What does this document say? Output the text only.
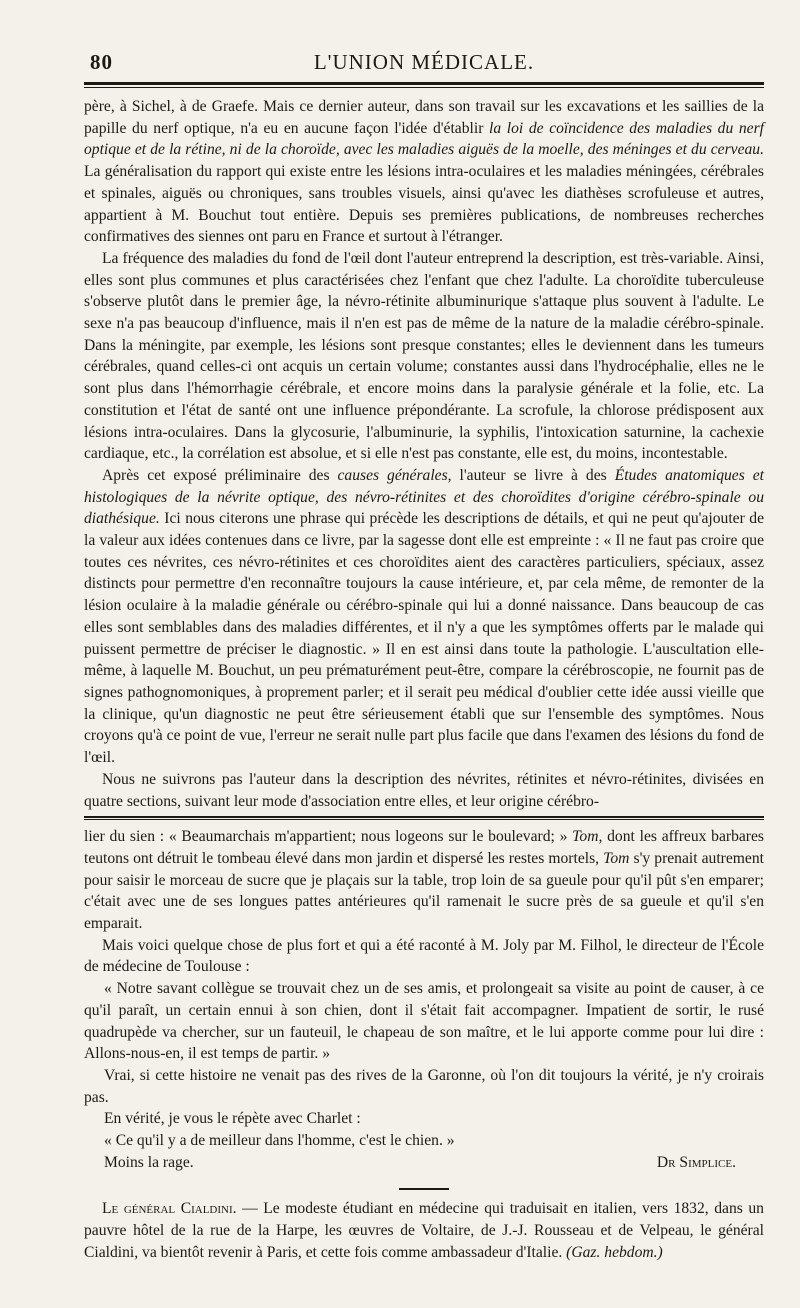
80	L'UNION MÉDICALE.

père, à Sichel, à de Graefe. Mais ce dernier auteur, dans son travail sur les excavations et les saillies de la papille du nerf optique, n'a eu en aucune façon l'idée d'établir la loi de coïncidence des maladies du nerf optique et de la rétine, ni de la choroïde, avec les maladies aiguës de la moelle, des méninges et du cerveau. La généralisation du rapport qui existe entre les lésions intra-oculaires et les maladies méningées, cérébrales et spinales, aiguës ou chroniques, sans troubles visuels, ainsi qu'avec les diathèses scrofuleuse et autres, appartient à M. Bouchut tout entière. Depuis ses premières publications, de nombreuses recherches confirmatives des siennes ont paru en France et surtout à l'étranger.

La fréquence des maladies du fond de l'œil dont l'auteur entreprend la description, est très-variable. Ainsi, elles sont plus communes et plus caractérisées chez l'enfant que chez l'adulte. La choroïdite tuberculeuse s'observe plutôt dans le premier âge, la névro-rétinite albuminurique s'attaque plus souvent à l'adulte. Le sexe n'a pas beaucoup d'influence, mais il n'en est pas de même de la nature de la maladie cérébro-spinale. Dans la méningite, par exemple, les lésions sont presque constantes; elles le deviennent dans les tumeurs cérébrales, quand celles-ci ont acquis un certain volume; constantes aussi dans l'hydrocéphalie, elles ne le sont plus dans l'hémorrhagie cérébrale, et encore moins dans la paralysie générale et la folie, etc. La constitution et l'état de santé ont une influence prépondérante. La scrofule, la chlorose prédisposent aux lésions intra-oculaires. Dans la glycosurie, l'albuminurie, la syphilis, l'intoxication saturnine, la cachexie cardiaque, etc., la corrélation est absolue, et si elle n'est pas constante, elle est, du moins, incontestable.

Après cet exposé préliminaire des causes générales, l'auteur se livre à des Études anatomiques et histologiques de la névrite optique, des névro-rétinites et des choroïdites d'origine cérébro-spinale ou diathésique. Ici nous citerons une phrase qui précède les descriptions de détails, et qui ne peut qu'ajouter de la valeur aux idées contenues dans ce livre, par la sagesse dont elle est empreinte : « Il ne faut pas croire que toutes ces névrites, ces névro-rétinites et ces choroïdites aient des caractères particuliers, spéciaux, assez distincts pour permettre d'en reconnaître toujours la cause intérieure, et, par cela même, de remonter de la lésion oculaire à la maladie générale ou cérébro-spinale qui lui a donné naissance. Dans beaucoup de cas elles sont semblables dans des maladies différentes, et il n'y a que les symptômes offerts par le malade qui puissent permettre de préciser le diagnostic. » Il en est ainsi dans toute la pathologie. L'auscultation elle-même, à laquelle M. Bouchut, un peu prématurément peut-être, compare la cérébroscopie, ne fournit pas de signes pathognomoniques, à proprement parler; et il serait peu médical d'oublier cette idée aussi vieille que la clinique, qu'un diagnostic ne peut être sérieusement établi que sur l'ensemble des symptômes. Nous croyons qu'à ce point de vue, l'erreur ne serait nulle part plus facile que dans l'examen des lésions du fond de l'œil.

Nous ne suivrons pas l'auteur dans la description des névrites, rétinites et névro-rétinites, divisées en quatre sections, suivant leur mode d'association entre elles, et leur origine cérébro-

lier du sien : « Beaumarchais m'appartient; nous logeons sur le boulevard; » Tom, dont les affreux barbares teutons ont détruit le tombeau élevé dans mon jardin et dispersé les restes mortels, Tom s'y prenait autrement pour saisir le morceau de sucre que je plaçais sur la table, trop loin de sa gueule pour qu'il pût s'en emparer; c'était avec une de ses longues pattes antérieures qu'il ramenait le sucre près de sa gueule et qu'il s'en emparait.

Mais voici quelque chose de plus fort et qui a été raconté à M. Joly par M. Filhol, le directeur de l'École de médecine de Toulouse :

« Notre savant collègue se trouvait chez un de ses amis, et prolongeait sa visite au point de causer, à ce qu'il paraît, un certain ennui à son chien, dont il s'était fait accompagner. Impatient de sortir, le rusé quadrupède va chercher, sur un fauteuil, le chapeau de son maître, et le lui apporte comme pour lui dire : Allons-nous-en, il est temps de partir. »

Vrai, si cette histoire ne venait pas des rives de la Garonne, où l'on dit toujours la vérité, je n'y croirais pas.

En vérité, je vous le répète avec Charlet :

« Ce qu'il y a de meilleur dans l'homme, c'est le chien. »

Moins la rage.	Dr Simplice.

Le général Cialdini. — Le modeste étudiant en médecine qui traduisait en italien, vers 1832, dans un pauvre hôtel de la rue de la Harpe, les œuvres de Voltaire, de J.-J. Rousseau et de Velpeau, le général Cialdini, va bientôt revenir à Paris, et cette fois comme ambassadeur d'Italie. (Gaz. hebdom.)
